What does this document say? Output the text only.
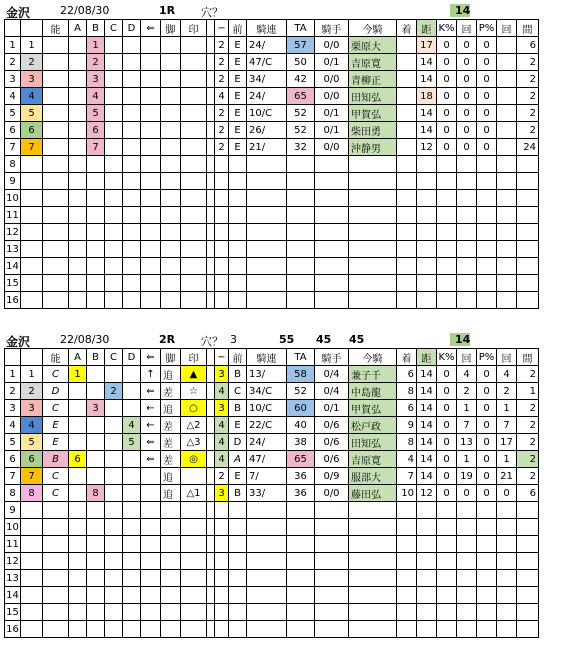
金沢	22/08/30	1R 穴？	14
		能	A	B	C	D	⇐	脚	印		−	前	騎連	TA	騎手	今騎	着	距	K%	回	P%	回	間
1	1			1							2	E	24/	57	0/0	栗原大		17	0	0	0		6
2	2			2							2	E	47/C	50	0/1	吉原寛		14	0	0	0		2
3	3			3							2	E	34/	42	0/0	青柳正		14	0	0	0		2
4	4			4							4	E	24/	65	0/0	田知弘		18	0	0	0		2
5	5			5							2	E	10/C	52	0/1	甲賀弘		14	0	0	0		2
6	6			6							2	E	26/	52	0/1	柴田勇		14	0	0	0		2
7	7			7							2	E	21/	32	0/0	沖静男		12	0	0	0		24
8																							
9																							
10																							
11																							
12																							
13																							
14																							
15																							
16																							
金沢	22/08/30	2R 穴？ 3	55 45 45	14
		能	A	B	C	D	⇐	脚	印		−	前	騎連	TA	騎手	今騎	着	距	K%	回	P%	回	間
1	1	C	1				↑	追	▲		3	B	13/	58	0/4	兼子千	6	14	0	4	0	4	2
2	2	D			2		⇐	差	☆		4	C	34/C	52	0/4	中島龍	8	14	0	2	0	2	1
3	3	C		3			←	追	○		3	B	10/C	60	0/1	甲賀弘	6	14	0	1	0	1	2
4	4	E				4	←	差	△2		4	E	22/C	40	0/6	松戸政	9	14	0	7	0	7	2
5	5	E				5	⇐	差	△3		4	D	24/	38	0/6	田知弘	8	14	0	13	0	17	2
6	6	B	6				⇐	差	◎		4	A	47/	65	0/6	吉原寛	4	14	0	1	0	1	2
7	7	C						追			2	E	7/	36	0/9	服部大	7	14	0	19	0	21	2
8	8	C		8				追	△1		3	B	33/	36	0/0	藤田弘	10	12	0	0	0	0	6
9																							
10																							
11																							
12																							
13																							
14																							
15																							
16																							
